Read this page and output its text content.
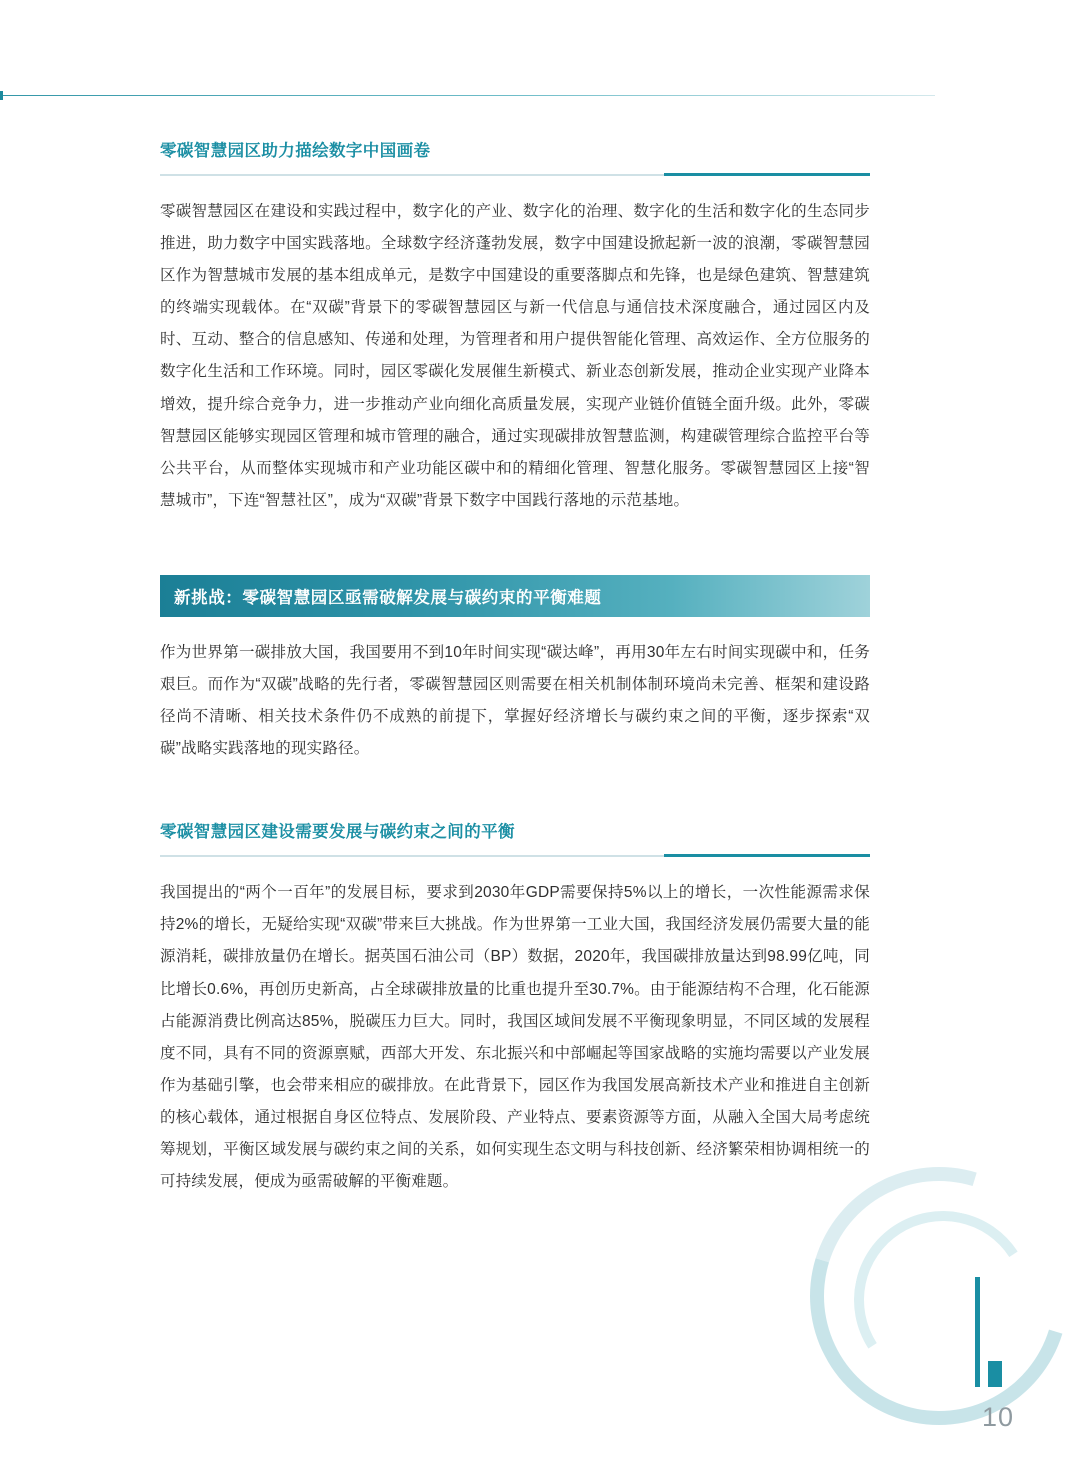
零碳智慧园区助力描绘数字中国画卷

零碳智慧园区在建设和实践过程中，数字化的产业、数字化的治理、数字化的生活和数字化的生态同步推进，助力数字中国实践落地。全球数字经济蓬勃发展，数字中国建设掀起新一波的浪潮，零碳智慧园区作为智慧城市发展的基本组成单元，是数字中国建设的重要落脚点和先锋，也是绿色建筑、智慧建筑的终端实现载体。在“双碳”背景下的零碳智慧园区与新一代信息与通信技术深度融合，通过园区内及时、互动、整合的信息感知、传递和处理，为管理者和用户提供智能化管理、高效运作、全方位服务的数字化生活和工作环境。同时，园区零碳化发展催生新模式、新业态创新发展，推动企业实现产业降本增效，提升综合竞争力，进一步推动产业向细化高质量发展，实现产业链价值链全面升级。此外，零碳智慧园区能够实现园区管理和城市管理的融合，通过实现碳排放智慧监测，构建碳管理综合监控平台等公共平台，从而整体实现城市和产业功能区碳中和的精细化管理、智慧化服务。零碳智慧园区上接“智慧城市”，下连“智慧社区”，成为“双碳”背景下数字中国践行落地的示范基地。

新挑战：零碳智慧园区亟需破解发展与碳约束的平衡难题

作为世界第一碳排放大国，我国要用不到10年时间实现“碳达峰”，再用30年左右时间实现碳中和，任务艰巨。而作为“双碳”战略的先行者，零碳智慧园区则需要在相关机制体制环境尚未完善、框架和建设路径尚不清晰、相关技术条件仍不成熟的前提下，掌握好经济增长与碳约束之间的平衡，逐步探索“双碳”战略实践落地的现实路径。

零碳智慧园区建设需要发展与碳约束之间的平衡

我国提出的“两个一百年”的发展目标，要求到2030年GDP需要保持5%以上的增长，一次性能源需求保持2%的增长，无疑给实现“双碳”带来巨大挑战。作为世界第一工业大国，我国经济发展仍需要大量的能源消耗，碳排放量仍在增长。据英国石油公司（BP）数据，2020年，我国碳排放量达到98.99亿吨，同比增长0.6%，再创历史新高，占全球碳排放量的比重也提升至30.7%。由于能源结构不合理，化石能源占能源消费比例高达85%，脱碳压力巨大。同时，我国区域间发展不平衡现象明显，不同区域的发展程度不同，具有不同的资源禀赋，西部大开发、东北振兴和中部崛起等国家战略的实施均需要以产业发展作为基础引擎，也会带来相应的碳排放。在此背景下，园区作为我国发展高新技术产业和推进自主创新的核心载体，通过根据自身区位特点、发展阶段、产业特点、要素资源等方面，从融入全国大局考虑统筹规划，平衡区域发展与碳约束之间的关系，如何实现生态文明与科技创新、经济繁荣相协调相统一的可持续发展，便成为亟需破解的平衡难题。

10
